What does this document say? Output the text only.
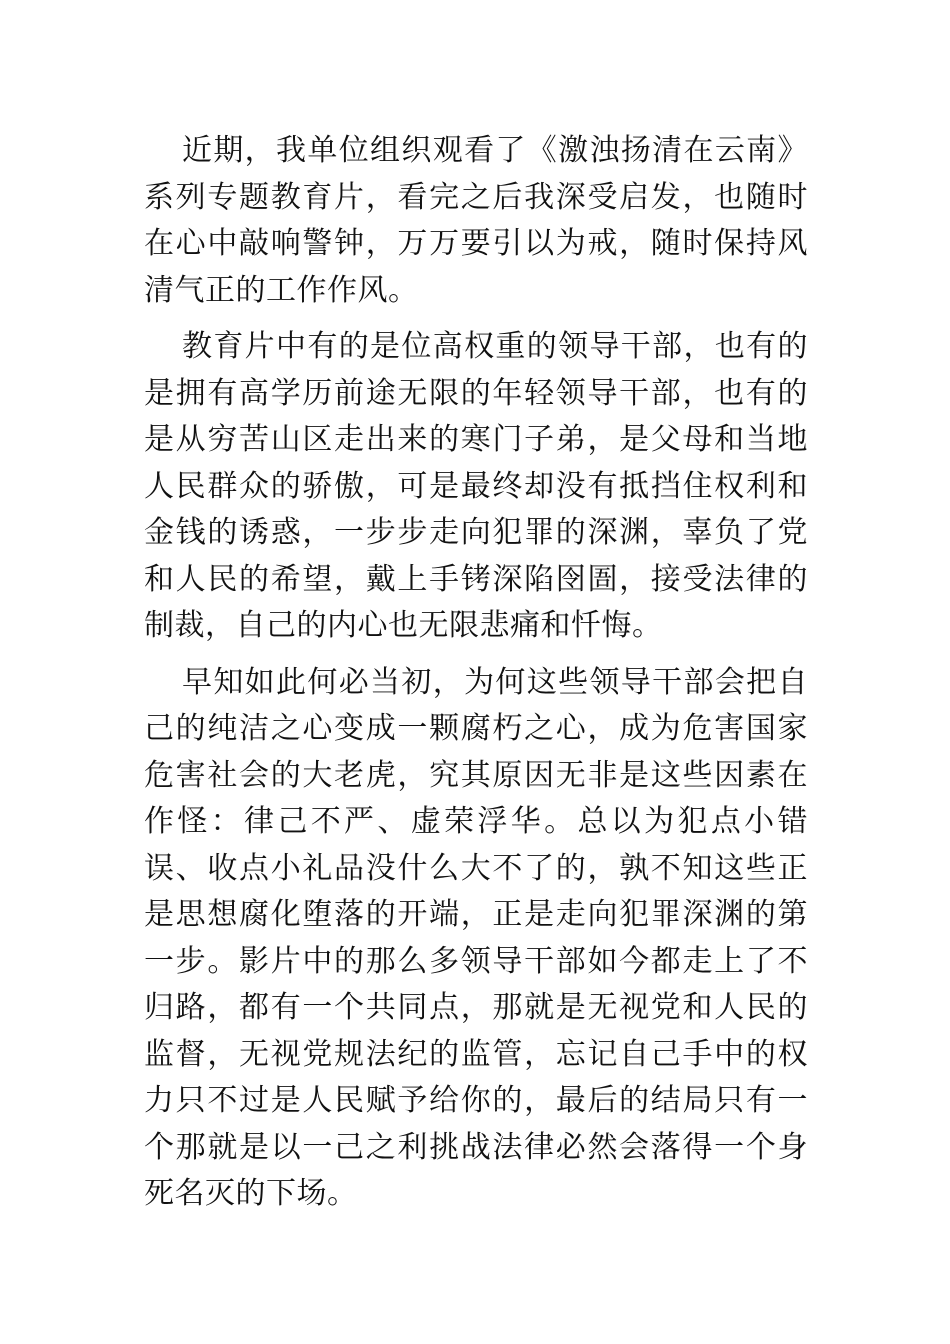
近期，我单位组织观看了《激浊扬清在云南》系列专题教育片，看完之后我深受启发，也随时在心中敲响警钟，万万要引以为戒，随时保持风清气正的工作作风。

教育片中有的是位高权重的领导干部，也有的是拥有高学历前途无限的年轻领导干部，也有的是从穷苦山区走出来的寒门子弟，是父母和当地人民群众的骄傲，可是最终却没有抵挡住权利和金钱的诱惑，一步步走向犯罪的深渊，辜负了党和人民的希望，戴上手铐深陷囹圄，接受法律的制裁，自己的内心也无限悲痛和忏悔。

早知如此何必当初，为何这些领导干部会把自己的纯洁之心变成一颗腐朽之心，成为危害国家危害社会的大老虎，究其原因无非是这些因素在作怪：律己不严、虚荣浮华。总以为犯点小错误、收点小礼品没什么大不了的，孰不知这些正是思想腐化堕落的开端，正是走向犯罪深渊的第一步。影片中的那么多领导干部如今都走上了不归路，都有一个共同点，那就是无视党和人民的监督，无视党规法纪的监管，忘记自己手中的权力只不过是人民赋予给你的，最后的结局只有一个那就是以一己之利挑战法律必然会落得一个身死名灭的下场。
